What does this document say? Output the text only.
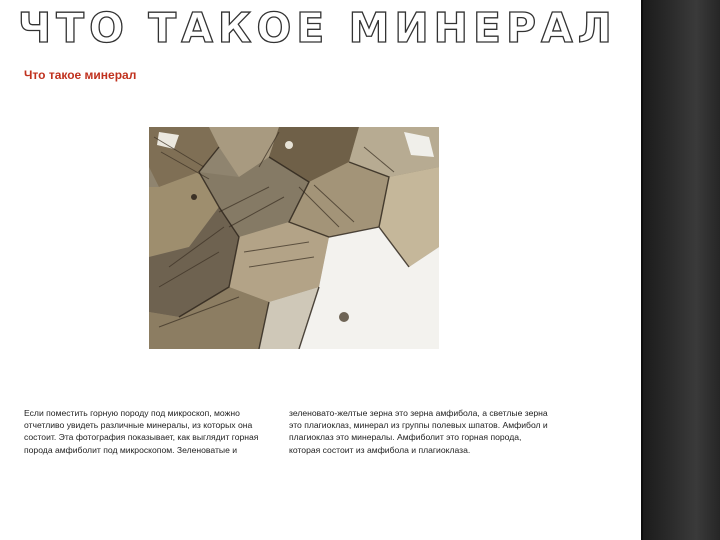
ЧТО ТАКОЕ МИНЕРАЛ
Что такое минерал

Если поместить горную породу под микроскоп, можно отчетливо увидеть различные минералы, из которых она состоит. Эта фотография показывает, как выглядит горная порода амфиболит под микроскопом. Зеленоватые и

зеленовато-желтые зерна это зерна амфибола, а светлые зерна это плагиоклаз, минерал из группы полевых шпатов. Амфибол и плагиоклаз это минералы. Амфиболит это горная порода, которая состоит из амфибола и плагиоклаза.
